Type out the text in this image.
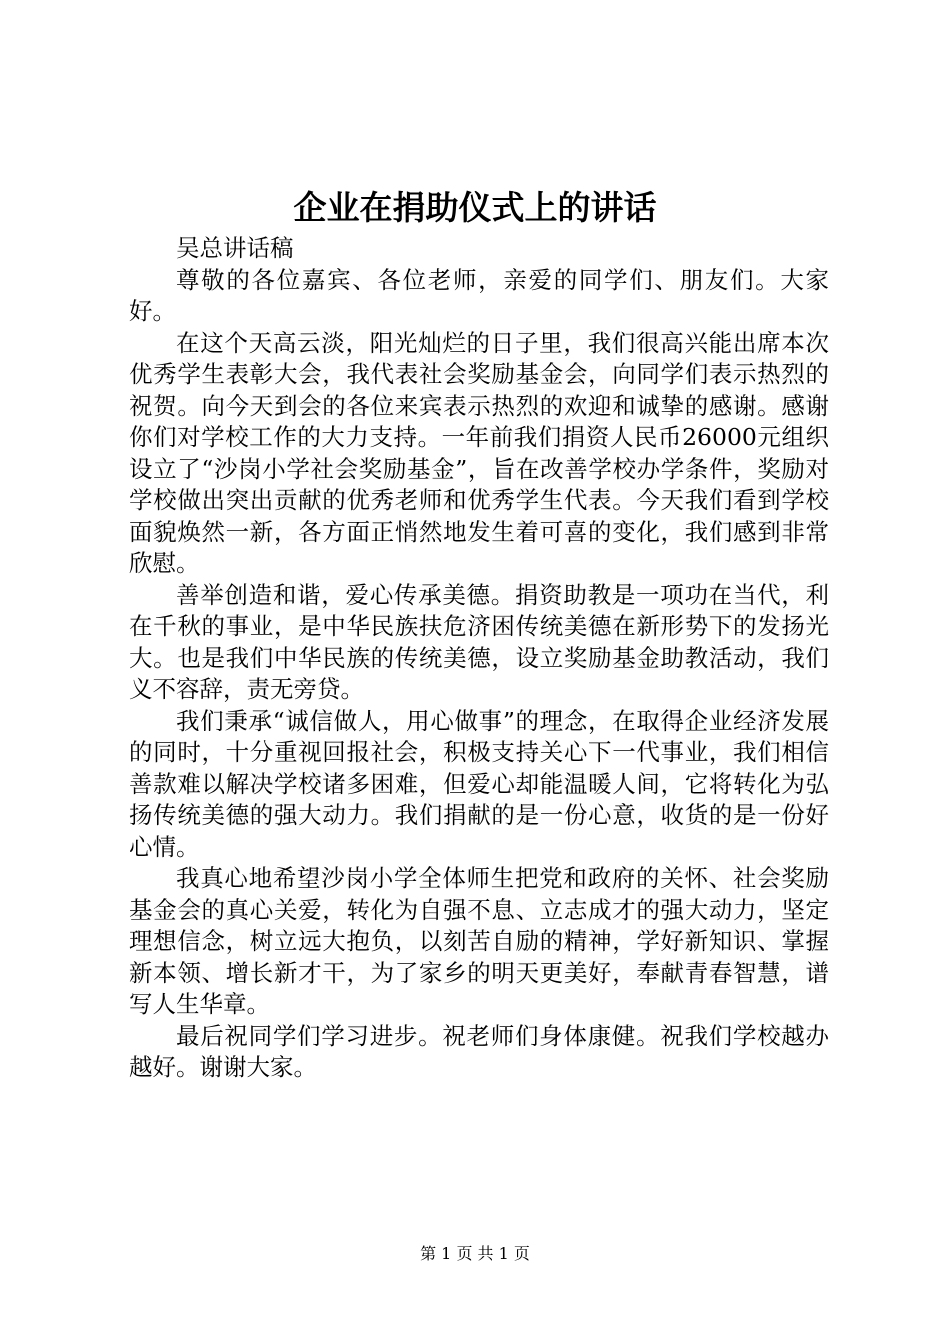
企业在捐助仪式上的讲话

吴总讲话稿

尊敬的各位嘉宾、各位老师，亲爱的同学们、朋友们。大家好。

在这个天高云淡，阳光灿烂的日子里，我们很高兴能出席本次优秀学生表彰大会，我代表社会奖励基金会，向同学们表示热烈的祝贺。向今天到会的各位来宾表示热烈的欢迎和诚挚的感谢。感谢你们对学校工作的大力支持。一年前我们捐资人民币26000元组织设立了“沙岗小学社会奖励基金”，旨在改善学校办学条件，奖励对学校做出突出贡献的优秀老师和优秀学生代表。今天我们看到学校面貌焕然一新，各方面正悄然地发生着可喜的变化，我们感到非常欣慰。

善举创造和谐，爱心传承美德。捐资助教是一项功在当代，利在千秋的事业，是中华民族扶危济困传统美德在新形势下的发扬光大。也是我们中华民族的传统美德，设立奖励基金助教活动，我们义不容辞，责无旁贷。

我们秉承“诚信做人，用心做事”的理念，在取得企业经济发展的同时，十分重视回报社会，积极支持关心下一代事业，我们相信善款难以解决学校诸多困难，但爱心却能温暖人间，它将转化为弘扬传统美德的强大动力。我们捐献的是一份心意，收货的是一份好心情。

我真心地希望沙岗小学全体师生把党和政府的关怀、社会奖励基金会的真心关爱，转化为自强不息、立志成才的强大动力，坚定理想信念，树立远大抱负，以刻苦自励的精神，学好新知识、掌握新本领、增长新才干，为了家乡的明天更美好，奉献青春智慧，谱写人生华章。

最后祝同学们学习进步。祝老师们身体康健。祝我们学校越办越好。谢谢大家。

第 1 页 共 1 页
